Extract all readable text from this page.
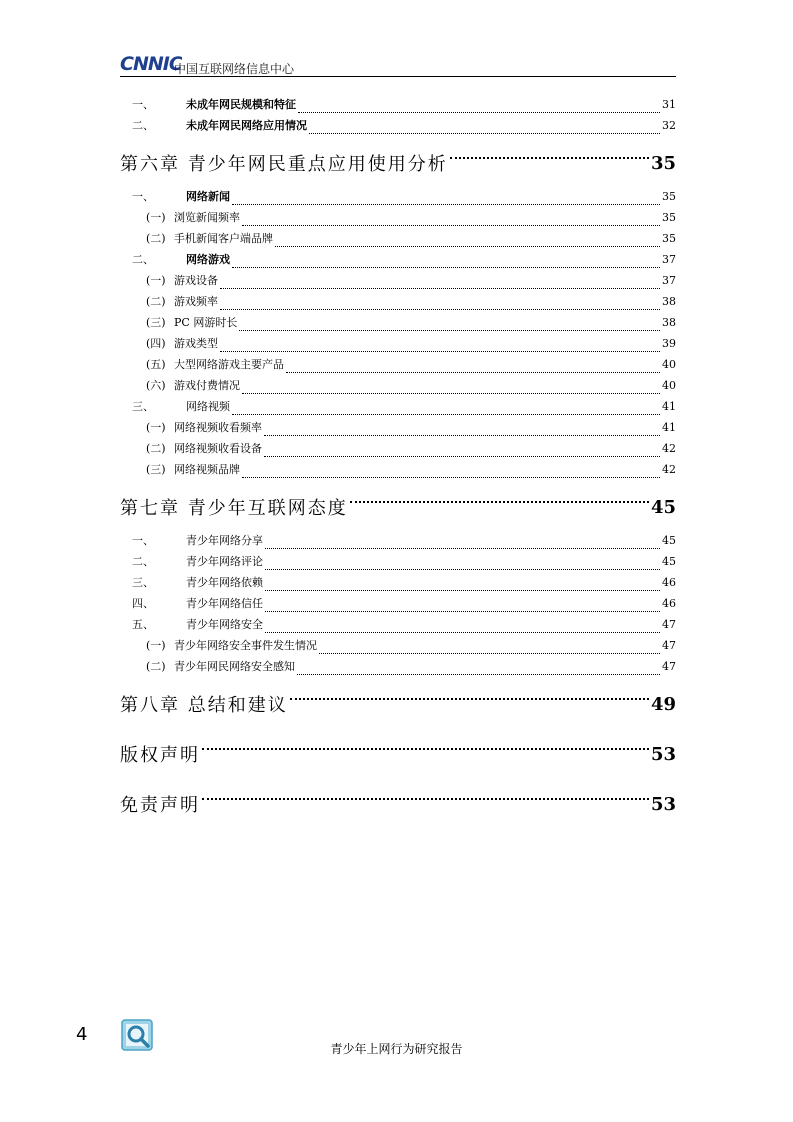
CNNIC
中国互联网络信息中心
一、	未成年网民规模和特征	31
二、	未成年网民网络应用情况	32
第六章 青少年网民重点应用使用分析	35
一、	网络新闻	35
(一) 浏览新闻频率	35
(二) 手机新闻客户端品牌	35
二、	网络游戏	37
(一) 游戏设备	37
(二) 游戏频率	38
(三) PC 网游时长	38
(四) 游戏类型	39
(五) 大型网络游戏主要产品	40
(六) 游戏付费情况	40
三、	网络视频	41
(一) 网络视频收看频率	41
(二) 网络视频收看设备	42
(三) 网络视频品牌	42
第七章 青少年互联网态度	45
一、	青少年网络分享	45
二、	青少年网络评论	45
三、	青少年网络依赖	46
四、	青少年网络信任	46
五、	青少年网络安全	47
(一) 青少年网络安全事件发生情况	47
(二) 青少年网民网络安全感知	47
第八章 总结和建议	49
版权声明	53
免责声明	53
4
青少年上网行为研究报告
